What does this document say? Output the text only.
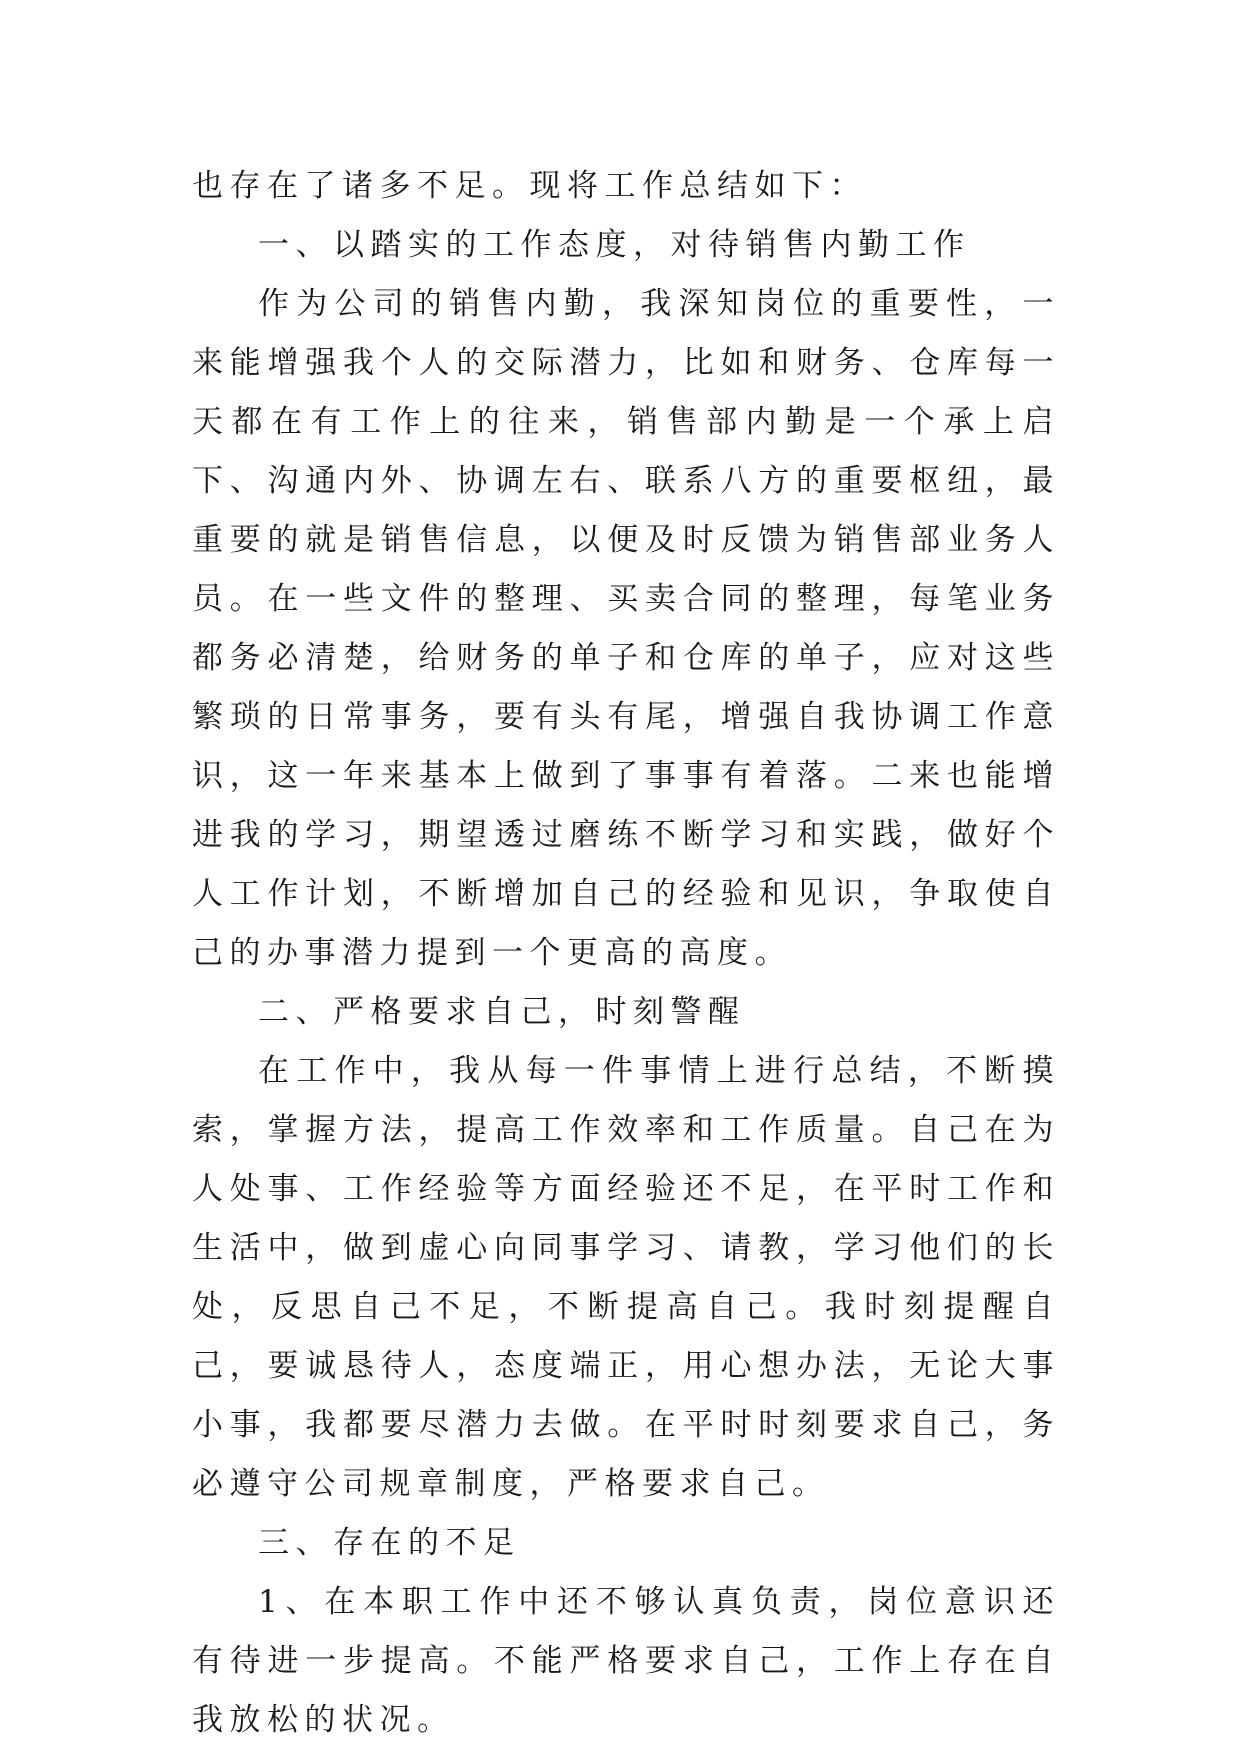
也存在了诸多不足。现将工作总结如下：

一、以踏实的工作态度，对待销售内勤工作

作为公司的销售内勤，我深知岗位的重要性，一来能增强我个人的交际潜力，比如和财务、仓库每一天都在有工作上的往来，销售部内勤是一个承上启下、沟通内外、协调左右、联系八方的重要枢纽，最重要的就是销售信息，以便及时反馈为销售部业务人员。在一些文件的整理、买卖合同的整理，每笔业务都务必清楚，给财务的单子和仓库的单子，应对这些繁琐的日常事务，要有头有尾，增强自我协调工作意识，这一年来基本上做到了事事有着落。二来也能增进我的学习，期望透过磨练不断学习和实践，做好个人工作计划，不断增加自己的经验和见识，争取使自己的办事潜力提到一个更高的高度。

二、严格要求自己，时刻警醒

在工作中，我从每一件事情上进行总结，不断摸索，掌握方法，提高工作效率和工作质量。自己在为人处事、工作经验等方面经验还不足，在平时工作和生活中，做到虚心向同事学习、请教，学习他们的长处，反思自己不足，不断提高自己。我时刻提醒自己，要诚恳待人，态度端正，用心想办法，无论大事小事，我都要尽潜力去做。在平时时刻要求自己，务必遵守公司规章制度，严格要求自己。

三、存在的不足

1、在本职工作中还不够认真负责，岗位意识还有待进一步提高。不能严格要求自己，工作上存在自我放松的状况。
